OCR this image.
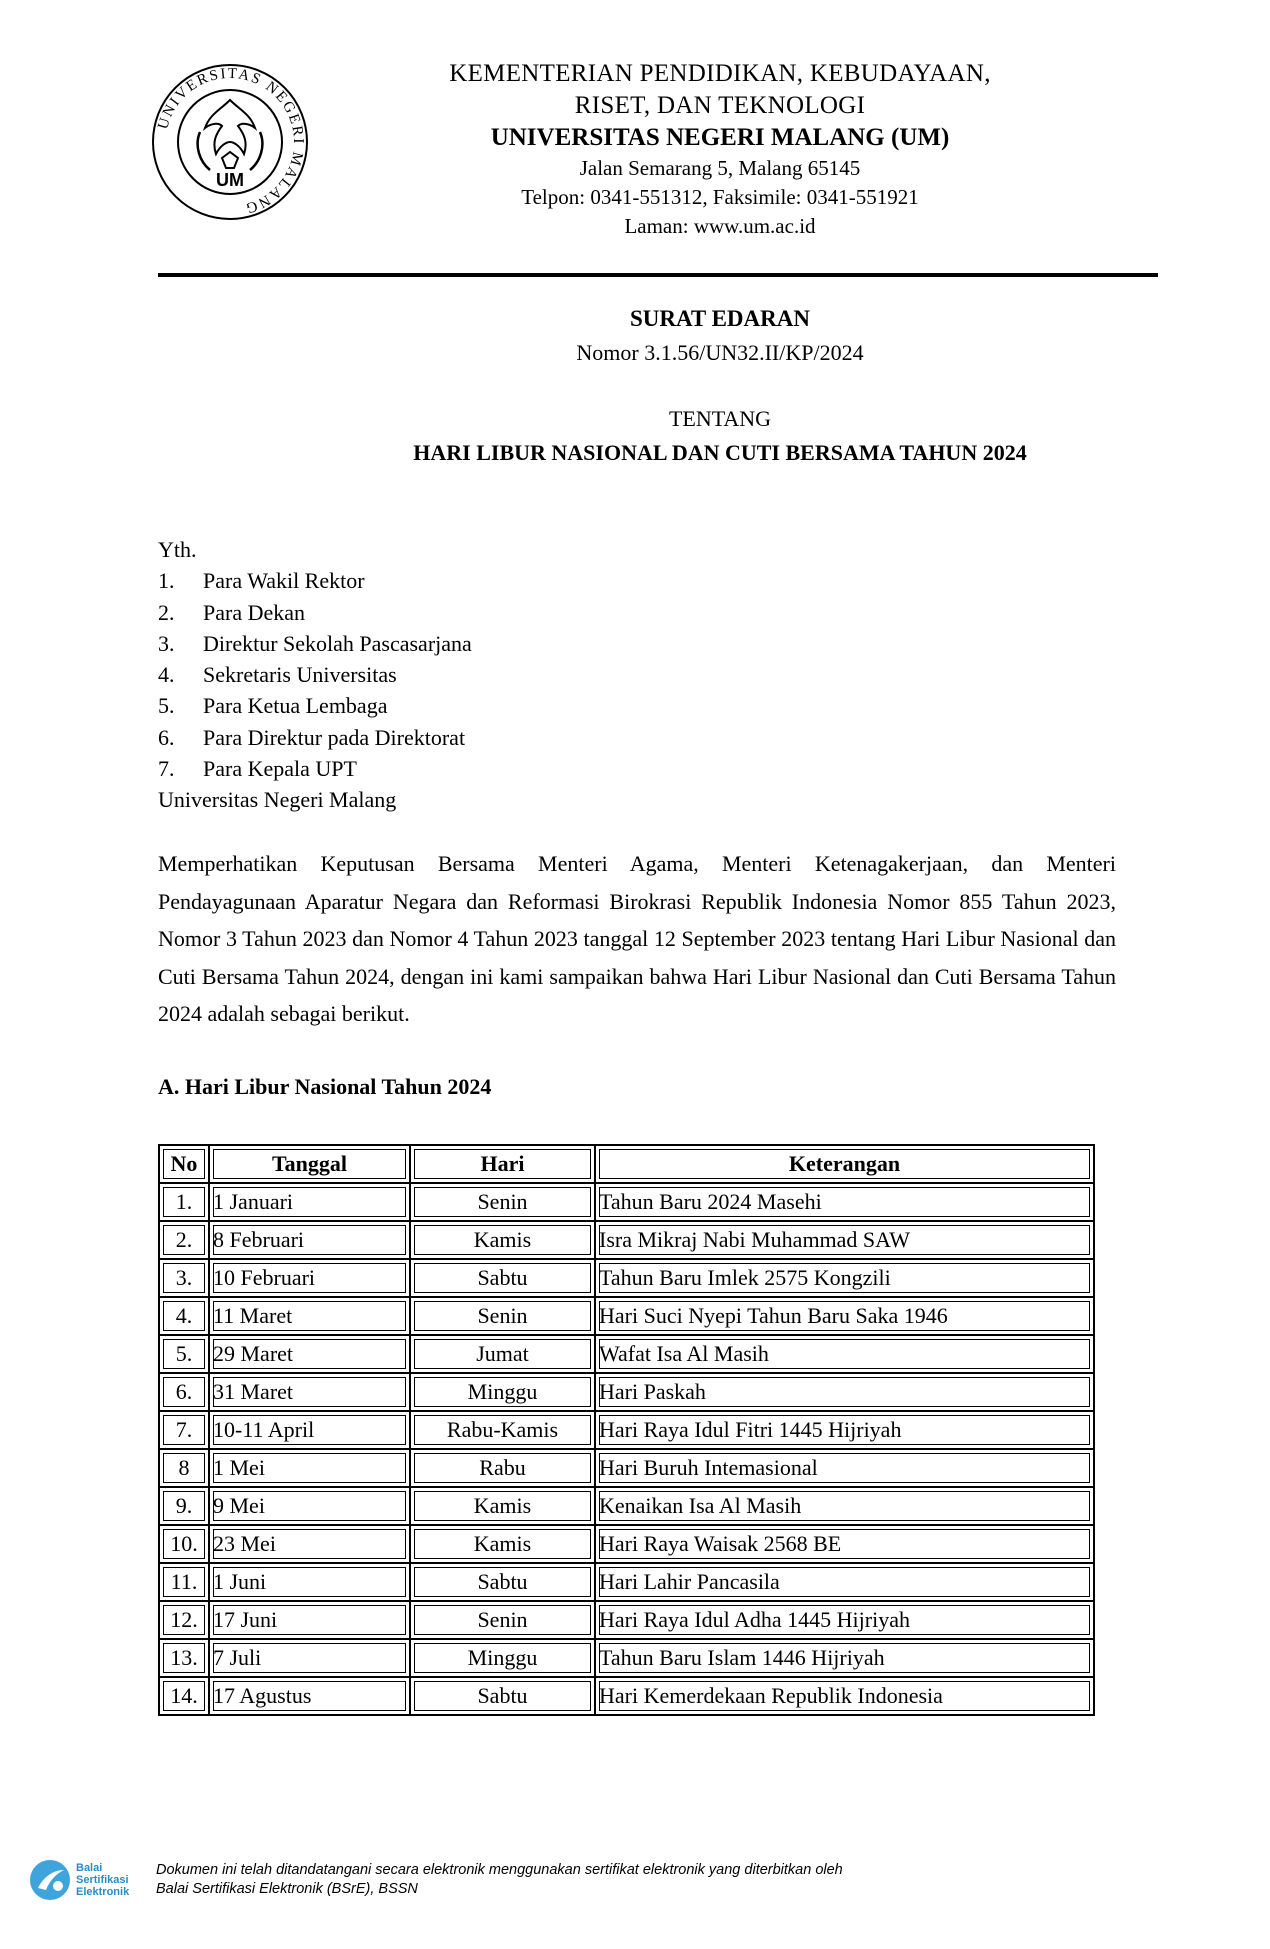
UNIVERSITAS NEGERI MALANG
UM
KEMENTERIAN PENDIDIKAN, KEBUDAYAAN,
RISET, DAN TEKNOLOGI
UNIVERSITAS NEGERI MALANG (UM)
Jalan Semarang 5, Malang 65145
Telpon: 0341-551312, Faksimile: 0341-551921
Laman: www.um.ac.id
SURAT EDARAN
Nomor 3.1.56/UN32.II/KP/2024
TENTANG
HARI LIBUR NASIONAL DAN CUTI BERSAMA TAHUN 2024
Yth.
1.	Para Wakil Rektor
2.	Para Dekan
3.	Direktur Sekolah Pascasarjana
4.	Sekretaris Universitas
5.	Para Ketua Lembaga
6.	Para Direktur pada Direktorat
7.	Para Kepala UPT
Universitas Negeri Malang
Memperhatikan Keputusan Bersama Menteri Agama, Menteri Ketenagakerjaan, dan Menteri Pendayagunaan Aparatur Negara dan Reformasi Birokrasi Republik Indonesia Nomor 855 Tahun 2023, Nomor 3 Tahun 2023 dan Nomor 4 Tahun 2023 tanggal 12 September 2023 tentang Hari Libur Nasional dan Cuti Bersama Tahun 2024, dengan ini kami sampaikan bahwa Hari Libur Nasional dan Cuti Bersama Tahun 2024 adalah sebagai berikut.
A. Hari Libur Nasional Tahun 2024
No	Tanggal	Hari	Keterangan
1.	1 Januari	Senin	Tahun Baru 2024 Masehi
2.	8 Februari	Kamis	Isra Mikraj Nabi Muhammad SAW
3.	10 Februari	Sabtu	Tahun Baru Imlek 2575 Kongzili
4.	11 Maret	Senin	Hari Suci Nyepi Tahun Baru Saka 1946
5.	29 Maret	Jumat	Wafat Isa Al Masih
6.	31 Maret	Minggu	Hari Paskah
7.	10-11 April	Rabu-Kamis	Hari Raya Idul Fitri 1445 Hijriyah
8	1 Mei	Rabu	Hari Buruh Intemasional
9.	9 Mei	Kamis	Kenaikan Isa Al Masih
10.	23 Mei	Kamis	Hari Raya Waisak 2568 BE
11.	1 Juni	Sabtu	Hari Lahir Pancasila
12.	17 Juni	Senin	Hari Raya Idul Adha 1445 Hijriyah
13.	7 Juli	Minggu	Tahun Baru Islam 1446 Hijriyah
14.	17 Agustus	Sabtu	Hari Kemerdekaan Republik Indonesia
Balai Sertifikasi Elektronik
Dokumen ini telah ditandatangani secara elektronik menggunakan sertifikat elektronik yang diterbitkan oleh
Balai Sertifikasi Elektronik (BSrE), BSSN
